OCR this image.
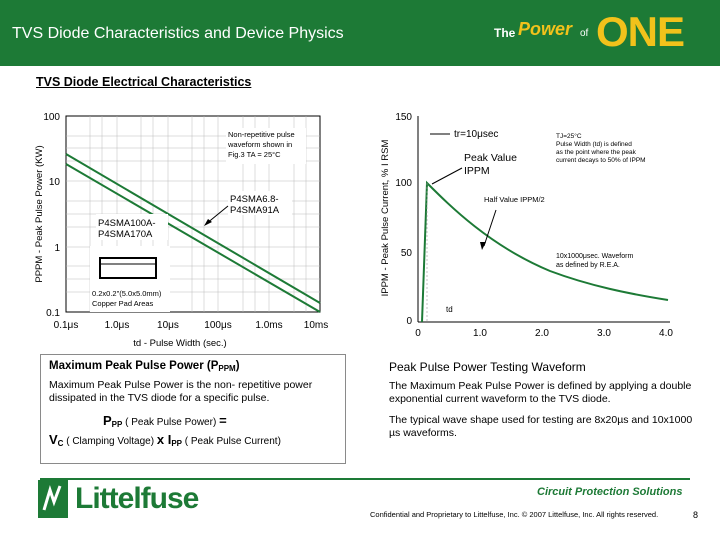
TVS Diode Characteristics and Device Physics	The Power of ONE
TVS Diode Electrical Characteristics
100
10
1
0.1
0.1μs	1.0μs	10μs	100μs 1.0ms 10ms
td - Pulse Width (sec.)
PPPM - Peak Pulse Power (KW)
Non-repetitive pulse
waveform shown in
Fig.3 TA = 25°C
P4SMA6.8-
P4SMA91A
P4SMA100A-
P4SMA170A
0.2x0.2"(5.0x5.0mm)
Copper Pad Areas
150
100
50
0
0	1.0	2.0	3.0	4.0
IPPM - Peak Pulse Current, % I RSM
tr=10μsec
Peak Value
IPPM
TJ=25°C
Pulse Width (td) is defined
as the point where the peak
current decays to 50% of IPPM
Half Value IPPM/2
10x1000μsec. Waveform
as defined by R.E.A.
td
Maximum Peak Pulse Power $(P_{PPM})$
Maximum Peak Pulse Power is the non- repetitive power dissipated in the TVS diode for a specific pulse.
$P_{PP}$ ( Peak Pulse Power) =
$V_C$ ( Clamping Voltage) x $I_{PP}$ ( Peak Pulse Current)
Peak Pulse Power Testing Waveform
The Maximum Peak Pulse Power is defined by applying a double exponential current waveform to the TVS diode.
The typical wave shape used for testing are 8x20µs and 10x1000 µs waveforms.
Littelfuse	Circuit Protection Solutions
Confidential and Proprietary to Littelfuse, Inc. © 2007 Littelfuse, Inc. All rights reserved.	8
